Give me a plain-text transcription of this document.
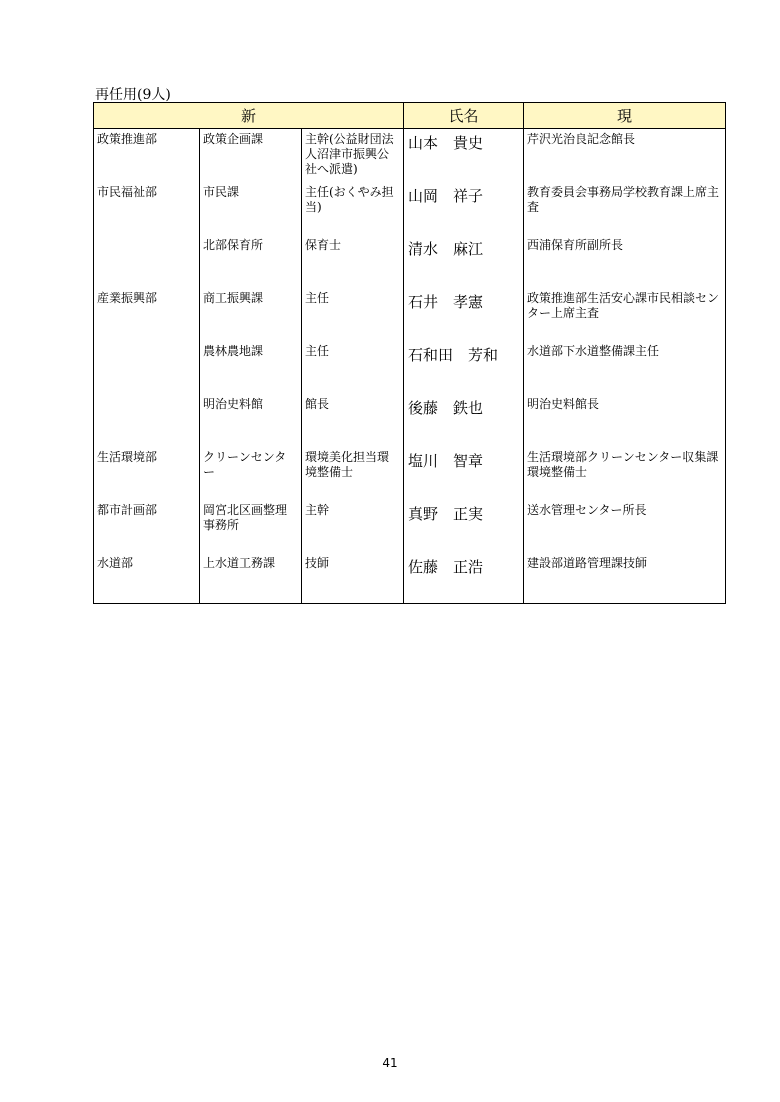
再任用(9人)
新			氏名	現
政策推進部	政策企画課	主幹(公益財団法人沼津市振興公社へ派遣)	山本　貴史	芹沢光治良記念館長
市民福祉部	市民課	主任(おくやみ担当)	山岡　祥子	教育委員会事務局学校教育課上席主査
	北部保育所	保育士	清水　麻江	西浦保育所副所長
産業振興部	商工振興課	主任	石井　孝憲	政策推進部生活安心課市民相談センター上席主査
	農林農地課	主任	石和田　芳和	水道部下水道整備課主任
	明治史料館	館長	後藤　鉄也	明治史料館長
生活環境部	クリーンセンター	環境美化担当環境整備士	塩川　智章	生活環境部クリーンセンター収集課環境整備士
都市計画部	岡宮北区画整理事務所	主幹	真野　正実	送水管理センター所長
水道部	上水道工務課	技師	佐藤　正浩	建設部道路管理課技師
41
